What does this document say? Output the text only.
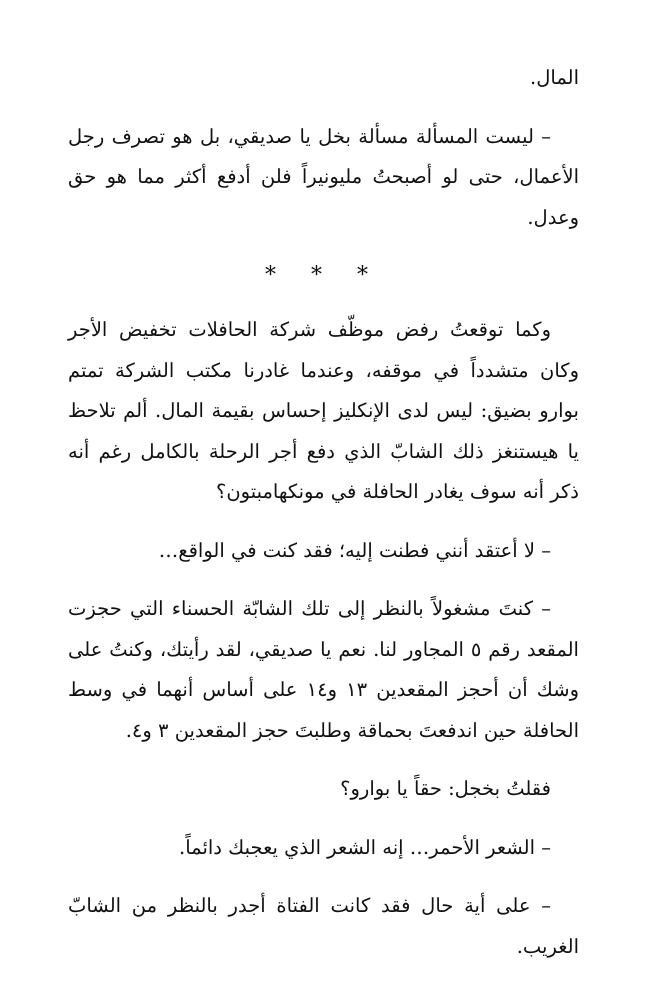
المال.

– ليست المسألة مسألة بخل يا صديقي، بل هو تصرف رجل الأعمال، حتى لو أصبحتُ مليونيراً فلن أدفع أكثر مما هو حق وعدل.

* * *

وكما توقعتُ رفض موظّف شركة الحافلات تخفيض الأجر وكان متشدداً في موقفه، وعندما غادرنا مكتب الشركة تمتم بوارو بضيق: ليس لدى الإنكليز إحساس بقيمة المال. ألم تلاحظ يا هيستنغز ذلك الشابّ الذي دفع أجر الرحلة بالكامل رغم أنه ذكر أنه سوف يغادر الحافلة في مونكهامبتون؟

– لا أعتقد أنني فطنت إليه؛ فقد كنت في الواقع…

– كنتَ مشغولاً بالنظر إلى تلك الشابّة الحسناء التي حجزت المقعد رقم ٥ المجاور لنا. نعم يا صديقي، لقد رأيتك، وكنتُ على وشك أن أحجز المقعدين ١٣ و١٤ على أساس أنهما في وسط الحافلة حين اندفعتَ بحماقة وطلبتَ حجز المقعدين ٣ و٤.

فقلتُ بخجل: حقاً يا بوارو؟

– الشعر الأحمر… إنه الشعر الذي يعجبك دائماً.

– على أية حال فقد كانت الفتاة أجدر بالنظر من الشابّ الغريب.
